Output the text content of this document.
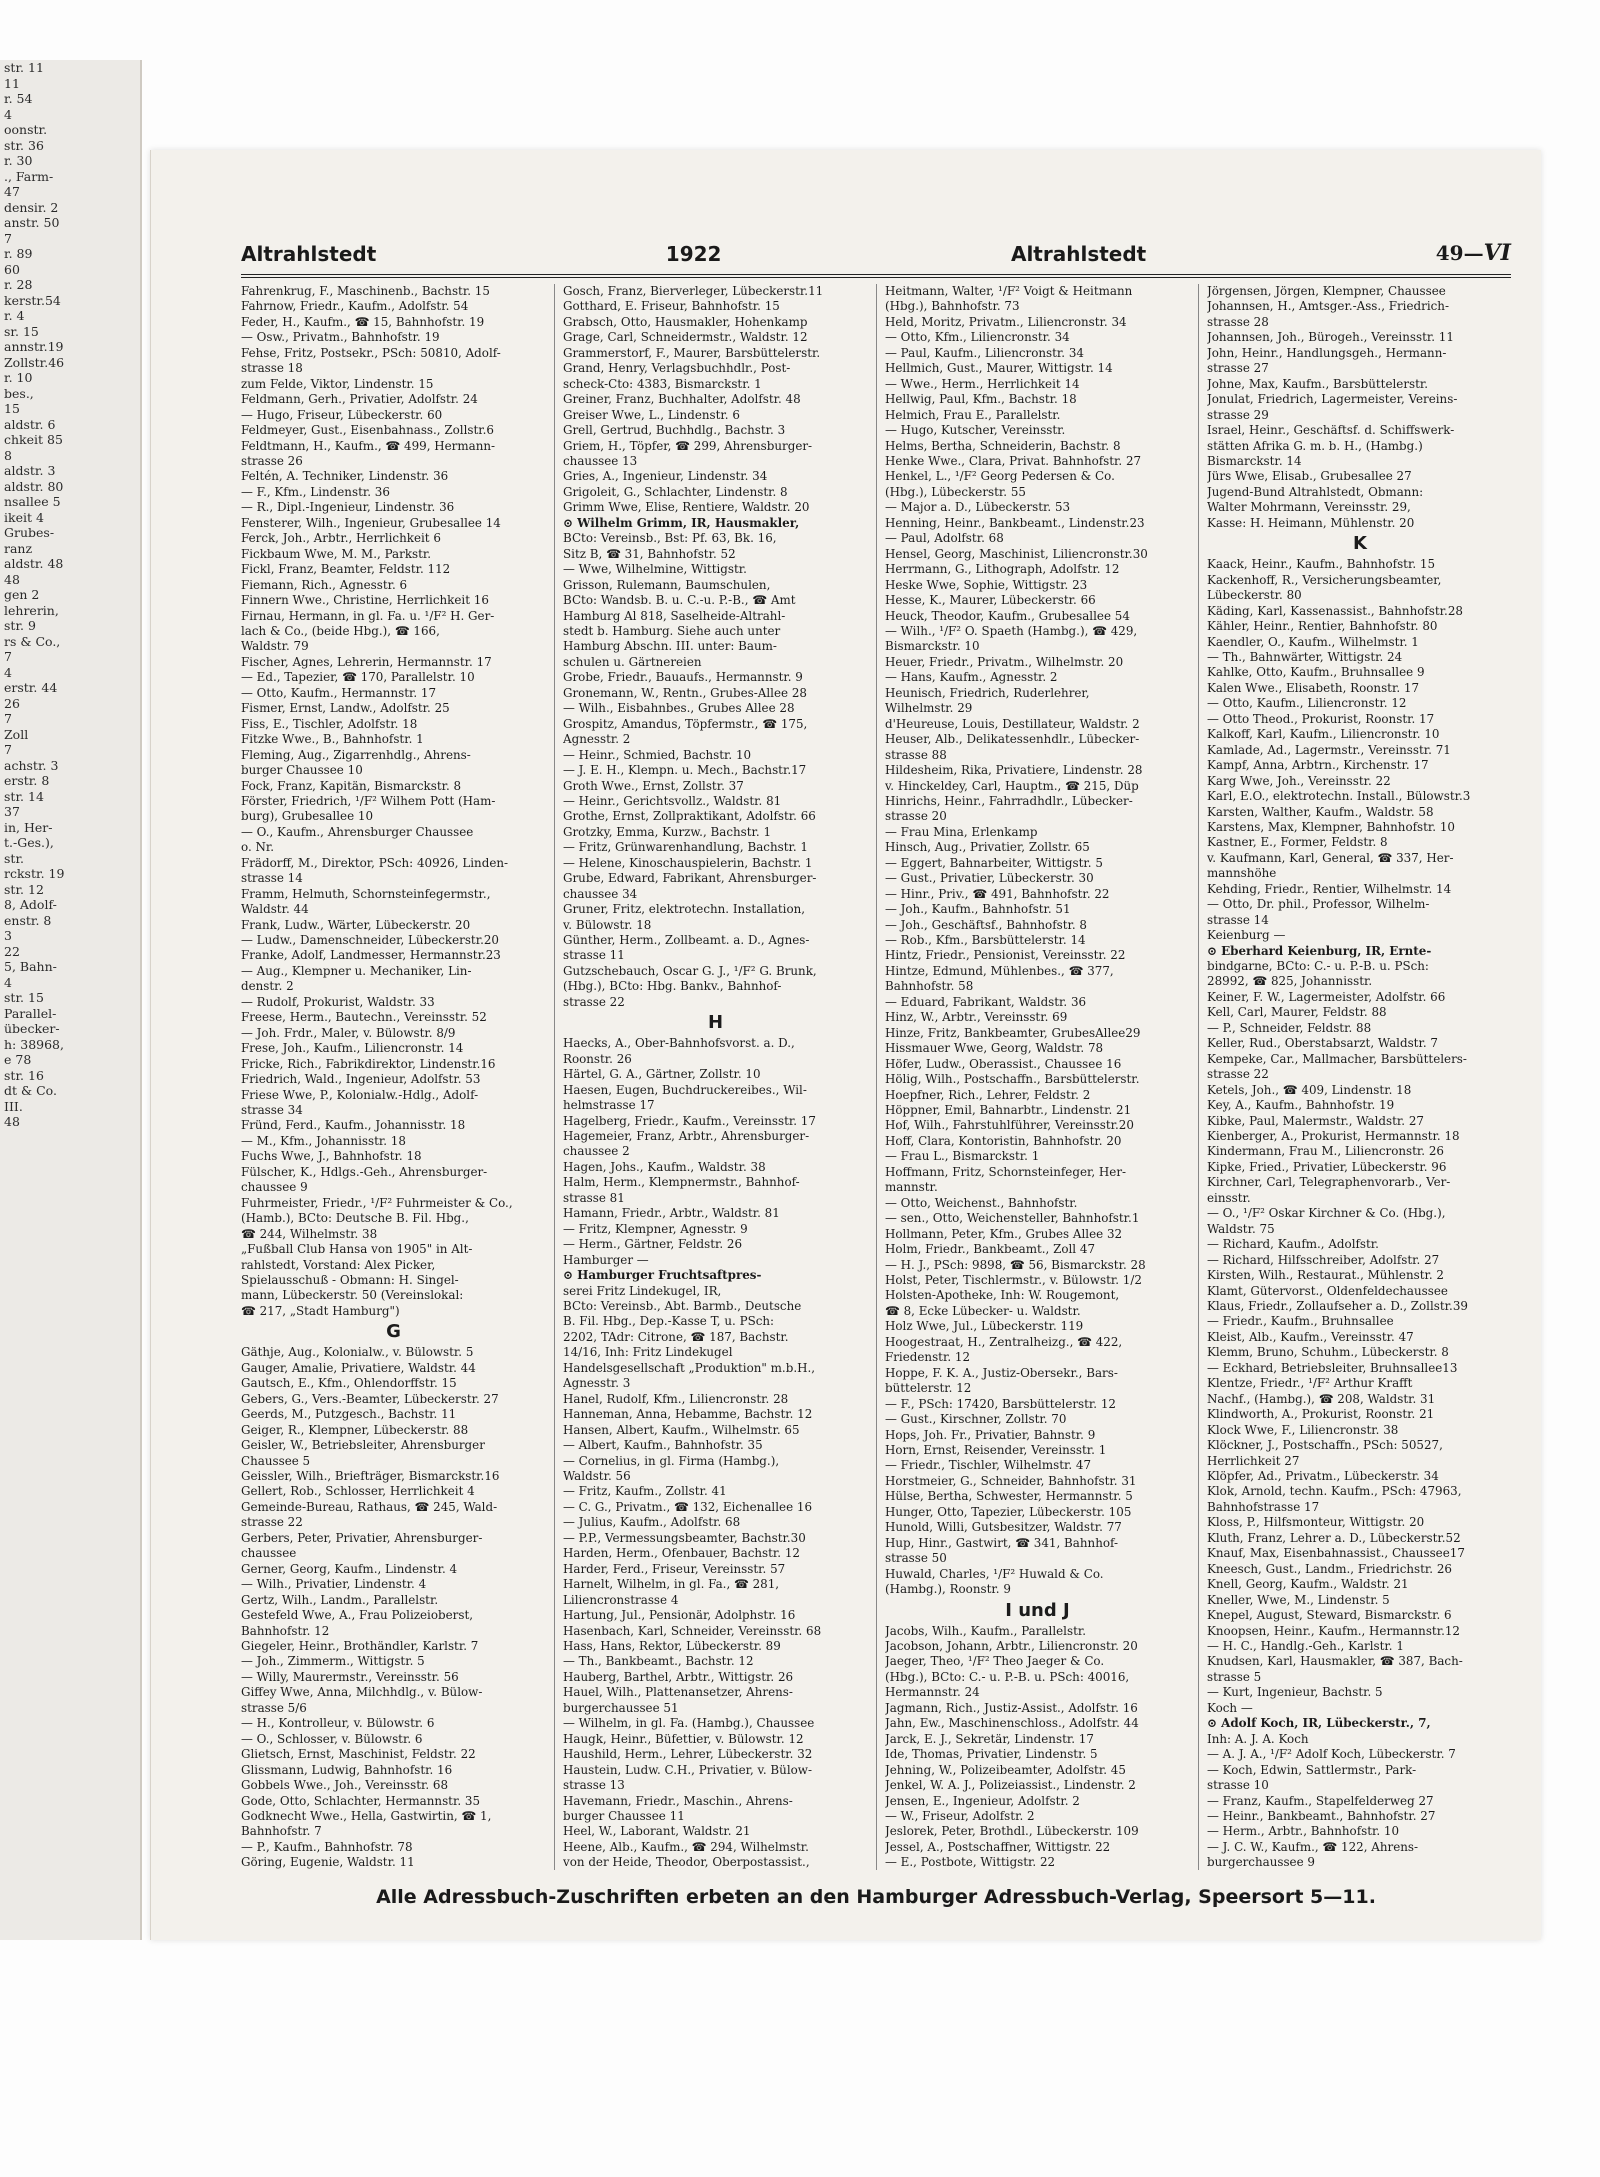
str. 11
11
r. 54
4
oonstr.
str. 36
r. 30
., Farm-
47
densir. 2
anstr. 50
7
r. 89
60
r. 28
kerstr.54
r. 4
sr. 15
annstr.19
Zollstr.46
r. 10
bes.,
15
aldstr. 6
chkeit 85
8
aldstr. 3
aldstr. 80
nsallee 5
ikeit 4
Grubes-
ranz
aldstr. 48
48
gen 2
lehrerin,
str. 9
rs & Co.,
7
4
erstr. 44
26
7
Zoll
7
achstr. 3
erstr. 8
str. 14
37
in, Her-
t.-Ges.),
str.
rckstr. 19
str. 12
8, Adolf-
enstr. 8
3
22
5, Bahn-
4
str. 15
Parallel-
übecker-
h: 38968,
e 78
str. 16
dt & Co.
III.
48
Altrahlstedt	1922	Altrahlstedt	49—VI
Fahrenkrug, F., Maschinenb., Bachstr. 15
Fahrnow, Friedr., Kaufm., Adolfstr. 54
Feder, H., Kaufm., ☎ 15, Bahnhofstr. 19
— Osw., Privatm., Bahnhofstr. 19
Fehse, Fritz, Postsekr., PSch: 50810, Adolf-
strasse 18
zum Felde, Viktor, Lindenstr. 15
Feldmann, Gerh., Privatier, Adolfstr. 24
— Hugo, Friseur, Lübeckerstr. 60
Feldmeyer, Gust., Eisenbahnass., Zollstr.6
Feldtmann, H., Kaufm., ☎ 499, Hermann-
strasse 26
Feltén, A. Techniker, Lindenstr. 36
— F., Kfm., Lindenstr. 36
— R., Dipl.-Ingenieur, Lindenstr. 36
Fensterer, Wilh., Ingenieur, Grubesallee 14
Ferck, Joh., Arbtr., Herrlichkeit 6
Fickbaum Wwe, M. M., Parkstr.
Fickl, Franz, Beamter, Feldstr. 112
Fiemann, Rich., Agnesstr. 6
Finnern Wwe., Christine, Herrlichkeit 16
Firnau, Hermann, in gl. Fa. u. ¹/F² H. Ger-
lach & Co., (beide Hbg.), ☎ 166,
Waldstr. 79
Fischer, Agnes, Lehrerin, Hermannstr. 17
— Ed., Tapezier, ☎ 170, Parallelstr. 10
— Otto, Kaufm., Hermannstr. 17
Fismer, Ernst, Landw., Adolfstr. 25
Fiss, E., Tischler, Adolfstr. 18
Fitzke Wwe., B., Bahnhofstr. 1
Fleming, Aug., Zigarrenhdlg., Ahrens-
burger Chaussee 10
Fock, Franz, Kapitän, Bismarckstr. 8
Förster, Friedrich, ¹/F² Wilhem Pott (Ham-
burg), Grubesallee 10
— O., Kaufm., Ahrensburger Chaussee
o. Nr.
Frädorff, M., Direktor, PSch: 40926, Linden-
strasse 14
Framm, Helmuth, Schornsteinfegermstr.,
Waldstr. 44
Frank, Ludw., Wärter, Lübeckerstr. 20
— Ludw., Damenschneider, Lübeckerstr.20
Franke, Adolf, Landmesser, Hermannstr.23
— Aug., Klempner u. Mechaniker, Lin-
denstr. 2
— Rudolf, Prokurist, Waldstr. 33
Freese, Herm., Bautechn., Vereinsstr. 52
— Joh. Frdr., Maler, v. Bülowstr. 8/9
Frese, Joh., Kaufm., Liliencronstr. 14
Fricke, Rich., Fabrikdirektor, Lindenstr.16
Friedrich, Wald., Ingenieur, Adolfstr. 53
Friese Wwe, P., Kolonialw.-Hdlg., Adolf-
strasse 34
Fründ, Ferd., Kaufm., Johannisstr. 18
— M., Kfm., Johannisstr. 18
Fuchs Wwe, J., Bahnhofstr. 18
Fülscher, K., Hdlgs.-Geh., Ahrensburger-
chaussee 9
Fuhrmeister, Friedr., ¹/F² Fuhrmeister & Co.,
(Hamb.), BCto: Deutsche B. Fil. Hbg.,
☎ 244, Wilhelmstr. 38
„Fußball Club Hansa von 1905" in Alt-
rahlstedt, Vorstand: Alex Picker,
Spielausschuß - Obmann: H. Singel-
mann, Lübeckerstr. 50 (Vereinslokal:
☎ 217, „Stadt Hamburg")
G
Gäthje, Aug., Kolonialw., v. Bülowstr. 5
Gauger, Amalie, Privatiere, Waldstr. 44
Gautsch, E., Kfm., Ohlendorffstr. 15
Gebers, G., Vers.-Beamter, Lübeckerstr. 27
Geerds, M., Putzgesch., Bachstr. 11
Geiger, R., Klempner, Lübeckerstr. 88
Geisler, W., Betriebsleiter, Ahrensburger
Chaussee 5
Geissler, Wilh., Briefträger, Bismarckstr.16
Gellert, Rob., Schlosser, Herrlichkeit 4
Gemeinde-Bureau, Rathaus, ☎ 245, Wald-
strasse 22
Gerbers, Peter, Privatier, Ahrensburger-
chaussee
Gerner, Georg, Kaufm., Lindenstr. 4
— Wilh., Privatier, Lindenstr. 4
Gertz, Wilh., Landm., Parallelstr.
Gestefeld Wwe, A., Frau Polizeioberst,
Bahnhofstr. 12
Giegeler, Heinr., Brothändler, Karlstr. 7
— Joh., Zimmerm., Wittigstr. 5
— Willy, Maurermstr., Vereinsstr. 56
Giffey Wwe, Anna, Milchhdlg., v. Bülow-
strasse 5/6
— H., Kontrolleur, v. Bülowstr. 6
— O., Schlosser, v. Bülowstr. 6
Glietsch, Ernst, Maschinist, Feldstr. 22
Glissmann, Ludwig, Bahnhofstr. 16
Gobbels Wwe., Joh., Vereinsstr. 68
Gode, Otto, Schlachter, Hermannstr. 35
Godknecht Wwe., Hella, Gastwirtin, ☎ 1,
Bahnhofstr. 7
— P., Kaufm., Bahnhofstr. 78
Göring, Eugenie, Waldstr. 11
Gosch, Franz, Bierverleger, Lübeckerstr.11
Gotthard, E. Friseur, Bahnhofstr. 15
Grabsch, Otto, Hausmakler, Hohenkamp
Grage, Carl, Schneidermstr., Waldstr. 12
Grammerstorf, F., Maurer, Barsbüttelerstr.
Grand, Henry, Verlagsbuchhdlr., Post-
scheck-Cto: 4383, Bismarckstr. 1
Greiner, Franz, Buchhalter, Adolfstr. 48
Greiser Wwe, L., Lindenstr. 6
Grell, Gertrud, Buchhdlg., Bachstr. 3
Griem, H., Töpfer, ☎ 299, Ahrensburger-
chaussee 13
Gries, A., Ingenieur, Lindenstr. 34
Grigoleit, G., Schlachter, Lindenstr. 8
Grimm Wwe, Elise, Rentiere, Waldstr. 20
⊙ Wilhelm Grimm, IR, Hausmakler,
BCto: Vereinsb., Bst: Pf. 63, Bk. 16,
Sitz B, ☎ 31, Bahnhofstr. 52
— Wwe, Wilhelmine, Wittigstr.
Grisson, Rulemann, Baumschulen,
BCto: Wandsb. B. u. C.-u. P.-B., ☎ Amt
Hamburg Al 818, Saselheide-Altrahl-
stedt b. Hamburg. Siehe auch unter
Hamburg Abschn. III. unter: Baum-
schulen u. Gärtnereien
Grobe, Friedr., Bauaufs., Hermannstr. 9
Gronemann, W., Rentn., Grubes-Allee 28
— Wilh., Eisbahnbes., Grubes Allee 28
Grospitz, Amandus, Töpfermstr., ☎ 175,
Agnesstr. 2
— Heinr., Schmied, Bachstr. 10
— J. E. H., Klempn. u. Mech., Bachstr.17
Groth Wwe., Ernst, Zollstr. 37
— Heinr., Gerichtsvollz., Waldstr. 81
Grothe, Ernst, Zollpraktikant, Adolfstr. 66
Grotzky, Emma, Kurzw., Bachstr. 1
— Fritz, Grünwarenhandlung, Bachstr. 1
— Helene, Kinoschauspielerin, Bachstr. 1
Grube, Edward, Fabrikant, Ahrensburger-
chaussee 34
Gruner, Fritz, elektrotechn. Installation,
v. Bülowstr. 18
Günther, Herm., Zollbeamt. a. D., Agnes-
strasse 11
Gutzschebauch, Oscar G. J., ¹/F² G. Brunk,
(Hbg.), BCto: Hbg. Bankv., Bahnhof-
strasse 22
H
Haecks, A., Ober-Bahnhofsvorst. a. D.,
Roonstr. 26
Härtel, G. A., Gärtner, Zollstr. 10
Haesen, Eugen, Buchdruckereibes., Wil-
helmstrasse 17
Hagelberg, Friedr., Kaufm., Vereinsstr. 17
Hagemeier, Franz, Arbtr., Ahrensburger-
chaussee 2
Hagen, Johs., Kaufm., Waldstr. 38
Halm, Herm., Klempnermstr., Bahnhof-
strasse 81
Hamann, Friedr., Arbtr., Waldstr. 81
— Fritz, Klempner, Agnesstr. 9
— Herm., Gärtner, Feldstr. 26
Hamburger —
⊙ Hamburger Fruchtsaftpres-
serei Fritz Lindekugel, IR,
BCto: Vereinsb., Abt. Barmb., Deutsche
B. Fil. Hbg., Dep.-Kasse T, u. PSch:
2202, TAdr: Citrone, ☎ 187, Bachstr.
14/16, Inh: Fritz Lindekugel
Handelsgesellschaft „Produktion" m.b.H.,
Agnesstr. 3
Hanel, Rudolf, Kfm., Liliencronstr. 28
Hanneman, Anna, Hebamme, Bachstr. 12
Hansen, Albert, Kaufm., Wilhelmstr. 65
— Albert, Kaufm., Bahnhofstr. 35
— Cornelius, in gl. Firma (Hambg.),
Waldstr. 56
— Fritz, Kaufm., Zollstr. 41
— C. G., Privatm., ☎ 132, Eichenallee 16
— Julius, Kaufm., Adolfstr. 68
— P.P., Vermessungsbeamter, Bachstr.30
Harden, Herm., Ofenbauer, Bachstr. 12
Harder, Ferd., Friseur, Vereinsstr. 57
Harnelt, Wilhelm, in gl. Fa., ☎ 281,
Liliencronstrasse 4
Hartung, Jul., Pensionär, Adolphstr. 16
Hasenbach, Karl, Schneider, Vereinsstr. 68
Hass, Hans, Rektor, Lübeckerstr. 89
— Th., Bankbeamt., Bachstr. 12
Hauberg, Barthel, Arbtr., Wittigstr. 26
Hauel, Wilh., Plattenansetzer, Ahrens-
burgerchaussee 51
— Wilhelm, in gl. Fa. (Hambg.), Chaussee
Haugk, Heinr., Büfettier, v. Bülowstr. 12
Haushild, Herm., Lehrer, Lübeckerstr. 32
Haustein, Ludw. C.H., Privatier, v. Bülow-
strasse 13
Havemann, Friedr., Maschin., Ahrens-
burger Chaussee 11
Heel, W., Laborant, Waldstr. 21
Heene, Alb., Kaufm., ☎ 294, Wilhelmstr.
von der Heide, Theodor, Oberpostassist.,
Heitmann, Walter, ¹/F² Voigt & Heitmann
(Hbg.), Bahnhofstr. 73
Held, Moritz, Privatm., Liliencronstr. 34
— Otto, Kfm., Liliencronstr. 34
— Paul, Kaufm., Liliencronstr. 34
Hellmich, Gust., Maurer, Wittigstr. 14
— Wwe., Herm., Herrlichkeit 14
Hellwig, Paul, Kfm., Bachstr. 18
Helmich, Frau E., Parallelstr.
— Hugo, Kutscher, Vereinsstr.
Helms, Bertha, Schneiderin, Bachstr. 8
Henke Wwe., Clara, Privat. Bahnhofstr. 27
Henkel, L., ¹/F² Georg Pedersen & Co.
(Hbg.), Lübeckerstr. 55
— Major a. D., Lübeckerstr. 53
Henning, Heinr., Bankbeamt., Lindenstr.23
— Paul, Adolfstr. 68
Hensel, Georg, Maschinist, Liliencronstr.30
Herrmann, G., Lithograph, Adolfstr. 12
Heske Wwe, Sophie, Wittigstr. 23
Hesse, K., Maurer, Lübeckerstr. 66
Heuck, Theodor, Kaufm., Grubesallee 54
— Wilh., ¹/F² O. Spaeth (Hambg.), ☎ 429,
Bismarckstr. 10
Heuer, Friedr., Privatm., Wilhelmstr. 20
— Hans, Kaufm., Agnesstr. 2
Heunisch, Friedrich, Ruderlehrer,
Wilhelmstr. 29
d'Heureuse, Louis, Destillateur, Waldstr. 2
Heuser, Alb., Delikatessenhdlr., Lübecker-
strasse 88
Hildesheim, Rika, Privatiere, Lindenstr. 28
v. Hinckeldey, Carl, Hauptm., ☎ 215, Düp
Hinrichs, Heinr., Fahrradhdlr., Lübecker-
strasse 20
— Frau Mina, Erlenkamp
Hinsch, Aug., Privatier, Zollstr. 65
— Eggert, Bahnarbeiter, Wittigstr. 5
— Gust., Privatier, Lübeckerstr. 30
— Hinr., Priv., ☎ 491, Bahnhofstr. 22
— Joh., Kaufm., Bahnhofstr. 51
— Joh., Geschäftsf., Bahnhofstr. 8
— Rob., Kfm., Barsbüttelerstr. 14
Hintz, Friedr., Pensionist, Vereinsstr. 22
Hintze, Edmund, Mühlenbes., ☎ 377,
Bahnhofstr. 58
— Eduard, Fabrikant, Waldstr. 36
Hinz, W., Arbtr., Vereinsstr. 69
Hinze, Fritz, Bankbeamter, GrubesAllee29
Hissmauer Wwe, Georg, Waldstr. 78
Höfer, Ludw., Oberassist., Chaussee 16
Hölig, Wilh., Postschaffn., Barsbüttelerstr.
Hoepfner, Rich., Lehrer, Feldstr. 2
Höppner, Emil, Bahnarbtr., Lindenstr. 21
Hof, Wilh., Fahrstuhlführer, Vereinsstr.20
Hoff, Clara, Kontoristin, Bahnhofstr. 20
— Frau L., Bismarckstr. 1
Hoffmann, Fritz, Schornsteinfeger, Her-
mannstr.
— Otto, Weichenst., Bahnhofstr.
— sen., Otto, Weichensteller, Bahnhofstr.1
Hollmann, Peter, Kfm., Grubes Allee 32
Holm, Friedr., Bankbeamt., Zoll 47
— H. J., PSch: 9898, ☎ 56, Bismarckstr. 28
Holst, Peter, Tischlermstr., v. Bülowstr. 1/2
Holsten-Apotheke, Inh: W. Rougemont,
☎ 8, Ecke Lübecker- u. Waldstr.
Holz Wwe, Jul., Lübeckerstr. 119
Hoogestraat, H., Zentralheizg., ☎ 422,
Friedenstr. 12
Hoppe, F. K. A., Justiz-Obersekr., Bars-
büttelerstr. 12
— F., PSch: 17420, Barsbüttelerstr. 12
— Gust., Kirschner, Zollstr. 70
Hops, Joh. Fr., Privatier, Bahnstr. 9
Horn, Ernst, Reisender, Vereinsstr. 1
— Friedr., Tischler, Wilhelmstr. 47
Horstmeier, G., Schneider, Bahnhofstr. 31
Hülse, Bertha, Schwester, Hermannstr. 5
Hunger, Otto, Tapezier, Lübeckerstr. 105
Hunold, Willi, Gutsbesitzer, Waldstr. 77
Hup, Hinr., Gastwirt, ☎ 341, Bahnhof-
strasse 50
Huwald, Charles, ¹/F² Huwald & Co.
(Hambg.), Roonstr. 9
I und J
Jacobs, Wilh., Kaufm., Parallelstr.
Jacobson, Johann, Arbtr., Liliencronstr. 20
Jaeger, Theo, ¹/F² Theo Jaeger & Co.
(Hbg.), BCto: C.- u. P.-B. u. PSch: 40016,
Hermannstr. 24
Jagmann, Rich., Justiz-Assist., Adolfstr. 16
Jahn, Ew., Maschinenschloss., Adolfstr. 44
Jarck, E. J., Sekretär, Lindenstr. 17
Ide, Thomas, Privatier, Lindenstr. 5
Jehning, W., Polizeibeamter, Adolfstr. 45
Jenkel, W. A. J., Polizeiassist., Lindenstr. 2
Jensen, E., Ingenieur, Adolfstr. 2
— W., Friseur, Adolfstr. 2
Jeslorek, Peter, Brothdl., Lübeckerstr. 109
Jessel, A., Postschaffner, Wittigstr. 22
— E., Postbote, Wittigstr. 22
Jörgensen, Jörgen, Klempner, Chaussee
Johannsen, H., Amtsger.-Ass., Friedrich-
strasse 28
Johannsen, Joh., Bürogeh., Vereinsstr. 11
John, Heinr., Handlungsgeh., Hermann-
strasse 27
Johne, Max, Kaufm., Barsbüttelerstr.
Jonulat, Friedrich, Lagermeister, Vereins-
strasse 29
Israel, Heinr., Geschäftsf. d. Schiffswerk-
stätten Afrika G. m. b. H., (Hambg.)
Bismarckstr. 14
Jürs Wwe, Elisab., Grubesallee 27
Jugend-Bund Altrahlstedt, Obmann:
Walter Mohrmann, Vereinsstr. 29,
Kasse: H. Heimann, Mühlenstr. 20
K
Kaack, Heinr., Kaufm., Bahnhofstr. 15
Kackenhoff, R., Versicherungsbeamter,
Lübeckerstr. 80
Käding, Karl, Kassenassist., Bahnhofstr.28
Kähler, Heinr., Rentier, Bahnhofstr. 80
Kaendler, O., Kaufm., Wilhelmstr. 1
— Th., Bahnwärter, Wittigstr. 24
Kahlke, Otto, Kaufm., Bruhnsallee 9
Kalen Wwe., Elisabeth, Roonstr. 17
— Otto, Kaufm., Liliencronstr. 12
— Otto Theod., Prokurist, Roonstr. 17
Kalkoff, Karl, Kaufm., Liliencronstr. 10
Kamlade, Ad., Lagermstr., Vereinsstr. 71
Kampf, Anna, Arbtrn., Kirchenstr. 17
Karg Wwe, Joh., Vereinsstr. 22
Karl, E.O., elektrotechn. Install., Bülowstr.3
Karsten, Walther, Kaufm., Waldstr. 58
Karstens, Max, Klempner, Bahnhofstr. 10
Kastner, E., Former, Feldstr. 8
v. Kaufmann, Karl, General, ☎ 337, Her-
mannshöhe
Kehding, Friedr., Rentier, Wilhelmstr. 14
— Otto, Dr. phil., Professor, Wilhelm-
strasse 14
Keienburg —
⊙ Eberhard Keienburg, IR, Ernte-
bindgarne, BCto: C.- u. P.-B. u. PSch:
28992, ☎ 825, Johannisstr.
Keiner, F. W., Lagermeister, Adolfstr. 66
Kell, Carl, Maurer, Feldstr. 88
— P., Schneider, Feldstr. 88
Keller, Rud., Oberstabsarzt, Waldstr. 7
Kempeke, Car., Mallmacher, Barsbüttelers-
strasse 22
Ketels, Joh., ☎ 409, Lindenstr. 18
Key, A., Kaufm., Bahnhofstr. 19
Kibke, Paul, Malermstr., Waldstr. 27
Kienberger, A., Prokurist, Hermannstr. 18
Kindermann, Frau M., Liliencronstr. 26
Kipke, Fried., Privatier, Lübeckerstr. 96
Kirchner, Carl, Telegraphenvorarb., Ver-
einsstr.
— O., ¹/F² Oskar Kirchner & Co. (Hbg.),
Waldstr. 75
— Richard, Kaufm., Adolfstr.
— Richard, Hilfsschreiber, Adolfstr. 27
Kirsten, Wilh., Restaurat., Mühlenstr. 2
Klamt, Gütervorst., Oldenfeldechaussee
Klaus, Friedr., Zollaufseher a. D., Zollstr.39
— Friedr., Kaufm., Bruhnsallee
Kleist, Alb., Kaufm., Vereinsstr. 47
Klemm, Bruno, Schuhm., Lübeckerstr. 8
— Eckhard, Betriebsleiter, Bruhnsallee13
Klentze, Friedr., ¹/F² Arthur Krafft
Nachf., (Hambg.), ☎ 208, Waldstr. 31
Klindworth, A., Prokurist, Roonstr. 21
Klock Wwe, F., Liliencronstr. 38
Klöckner, J., Postschaffn., PSch: 50527,
Herrlichkeit 27
Klöpfer, Ad., Privatm., Lübeckerstr. 34
Klok, Arnold, techn. Kaufm., PSch: 47963,
Bahnhofstrasse 17
Kloss, P., Hilfsmonteur, Wittigstr. 20
Kluth, Franz, Lehrer a. D., Lübeckerstr.52
Knauf, Max, Eisenbahnassist., Chaussee17
Kneesch, Gust., Landm., Friedrichstr. 26
Knell, Georg, Kaufm., Waldstr. 21
Kneller, Wwe, M., Lindenstr. 5
Knepel, August, Steward, Bismarckstr. 6
Knoopsen, Heinr., Kaufm., Hermannstr.12
— H. C., Handlg.-Geh., Karlstr. 1
Knudsen, Karl, Hausmakler, ☎ 387, Bach-
strasse 5
— Kurt, Ingenieur, Bachstr. 5
Koch —
⊙ Adolf Koch, IR, Lübeckerstr., 7,
Inh: A. J. A. Koch
— A. J. A., ¹/F² Adolf Koch, Lübeckerstr. 7
— Koch, Edwin, Sattlermstr., Park-
strasse 10
— Franz, Kaufm., Stapelfelderweg 27
— Heinr., Bankbeamt., Bahnhofstr. 27
— Herm., Arbtr., Bahnhofstr. 10
— J. C. W., Kaufm., ☎ 122, Ahrens-
burgerchaussee 9
Alle Adressbuch-Zuschriften erbeten an den Hamburger Adressbuch-Verlag, Speersort 5—11.
